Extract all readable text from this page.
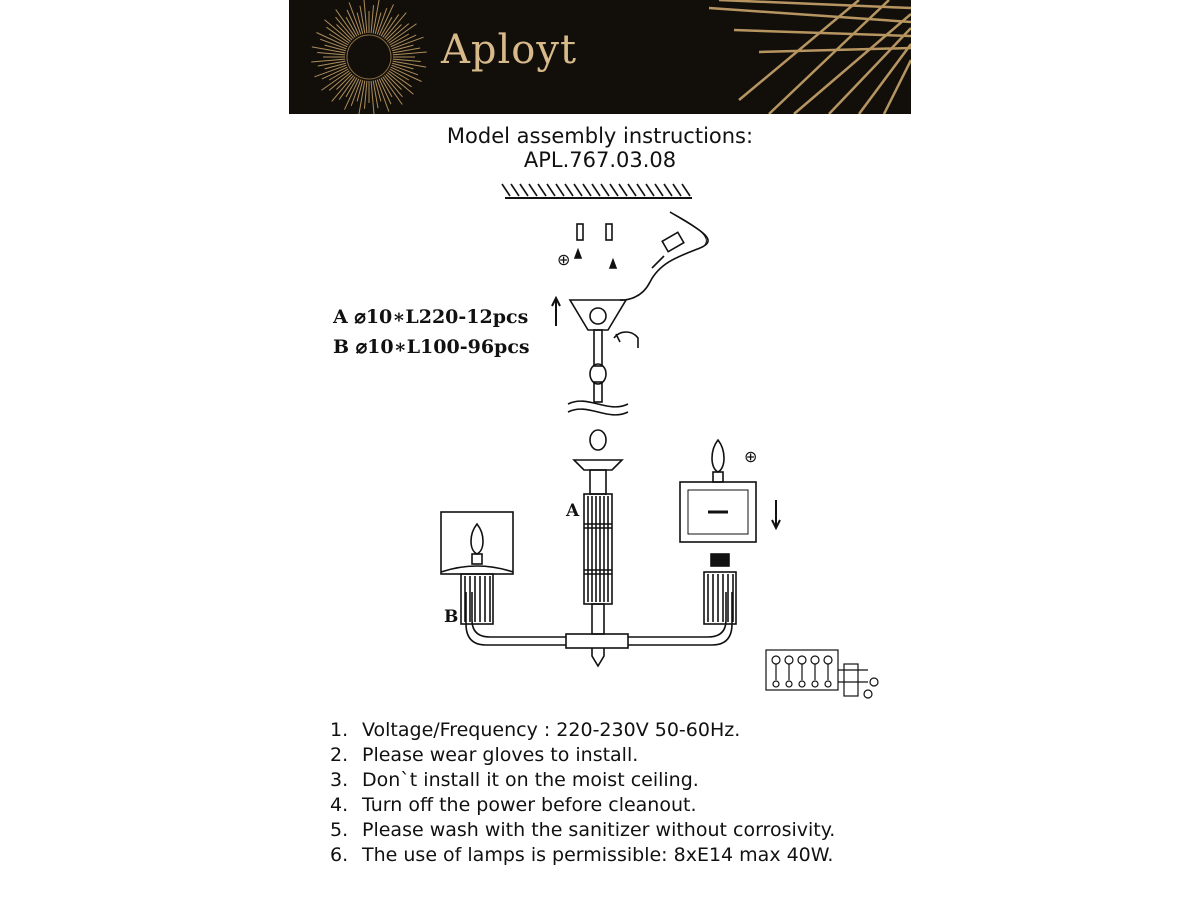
Aployt
Model assembly instructions:
APL.767.03.08
A ⌀10∗L220-12pcs
B ⌀10∗L100-96pcs
⊕
A
B
⊕
1. Voltage/Frequency : 220-230V 50-60Hz.
2. Please wear gloves to install.
3. Don`t install it on the moist ceiling.
4. Turn off the power before cleanout.
5. Please wash with the sanitizer without corrosivity.
6. The use of lamps is permissible: 8xE14 max 40W.
